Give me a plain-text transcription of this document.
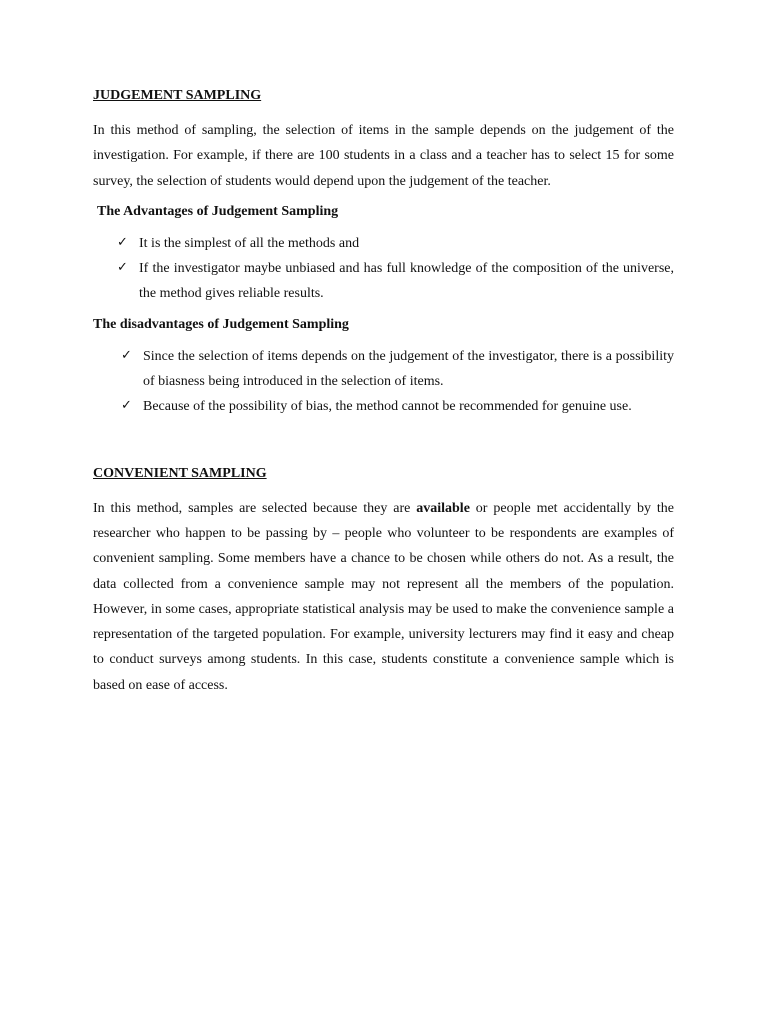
JUDGEMENT SAMPLING

In this method of sampling, the selection of items in the sample depends on the judgement of the investigation. For example, if there are 100 students in a class and a teacher has to select 15 for some survey, the selection of students would depend upon the judgement of the teacher.

The Advantages of Judgement Sampling
✓ It is the simplest of all the methods and
✓ If the investigator maybe unbiased and has full knowledge of the composition of the universe, the method gives reliable results.
The disadvantages of Judgement Sampling
✓ Since the selection of items depends on the judgement of the investigator, there is a possibility of biasness being introduced in the selection of items.
✓ Because of the possibility of bias, the method cannot be recommended for genuine use.
CONVENIENT SAMPLING

In this method, samples are selected because they are available or people met accidentally by the researcher who happen to be passing by – people who volunteer to be respondents are examples of convenient sampling. Some members have a chance to be chosen while others do not. As a result, the data collected from a convenience sample may not represent all the members of the population. However, in some cases, appropriate statistical analysis may be used to make the convenience sample a representation of the targeted population. For example, university lecturers may find it easy and cheap to conduct surveys among students. In this case, students constitute a convenience sample which is based on ease of access.
